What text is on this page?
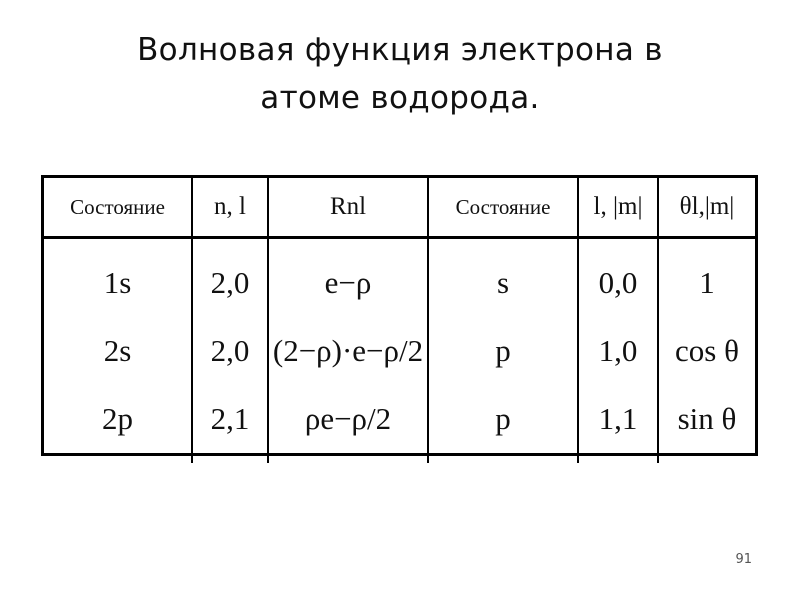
Волновая функция электрона в
атоме водорода.
Состояние	n, l	Rnl	Состояние	l, |m|	θl,|m|
1s	2,0	e−ρ	s	0,0	1
2s	2,0	(2−ρ)·e−ρ/2	p	1,0	cos θ
2p	2,1	ρe−ρ/2	p	1,1	sin θ
91
